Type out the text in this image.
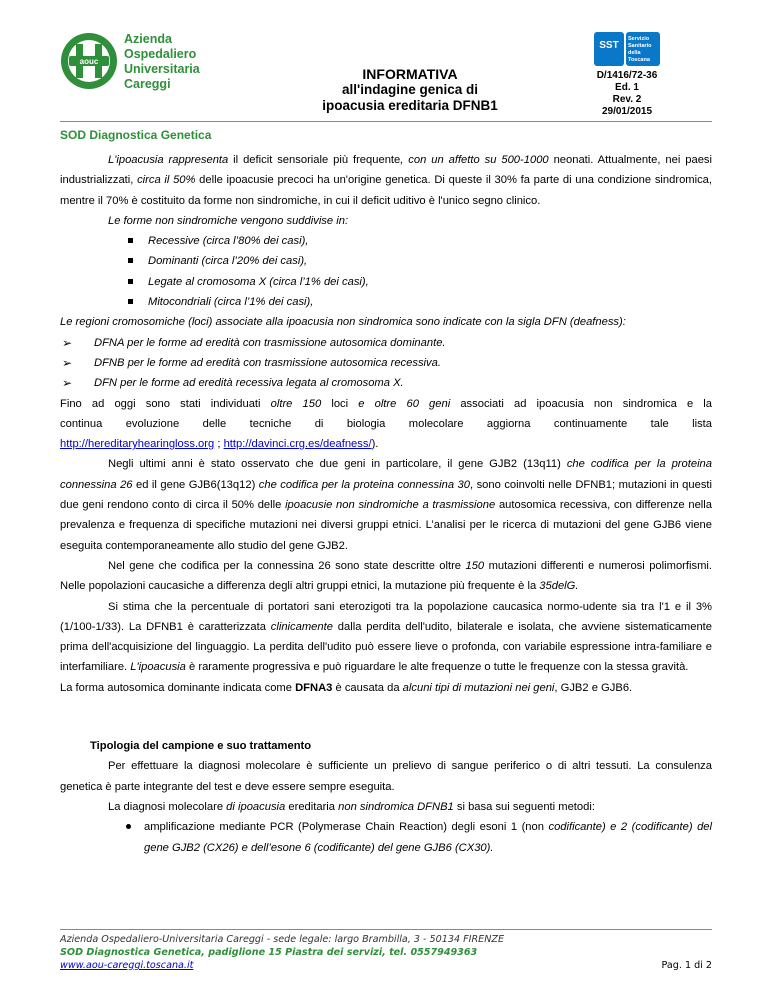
aouc
Azienda
Ospedaliero
Universitaria
Careggi
INFORMATIVA
all'indagine genica di
ipoacusia ereditaria DFNB1
SST
Servizio
Sanitario
della
Toscana
D/1416/72-36
Ed. 1
Rev. 2
29/01/2015
SOD Diagnostica Genetica

L'ipoacusia rappresenta il deficit sensoriale più frequente, con un affetto su 500-1000 neonati. Attualmente, nei paesi industrializzati, circa il 50% delle ipoacusie precoci ha un'origine genetica. Di queste il 30% fa parte di una condizione sindromica, mentre il 70% è costituito da forme non sindromiche, in cui il deficit uditivo è l'unico segno clinico.

Le forme non sindromiche vengono suddivise in:

Recessive (circa l’80% dei casi),

Dominanti (circa l’20% dei casi),

Legate al cromosoma X (circa l’1% dei casi),

Mitocondriali (circa l’1% dei casi),

Le regioni cromosomiche (loci) associate alla ipoacusia non sindromica sono indicate con la sigla DFN (deafness):

➢ DFNA per le forme ad eredità con trasmissione autosomica dominante.

➢ DFNB per le forme ad eredità con trasmissione autosomica recessiva.

➢ DFN per le forme ad eredità recessiva legata al cromosoma X.

Fino ad oggi sono stati individuati oltre 150 loci e oltre 60 geni associati ad ipoacusia non sindromica e la

continua evoluzione delle tecniche di biologia molecolare aggiorna continuamente tale lista

http://hereditaryhearingloss.org ; http://davinci.crg.es/deafness/).

Negli ultimi anni è stato osservato che due geni in particolare, il gene GJB2 (13q11) che codifica per la proteina connessina 26 ed il gene GJB6(13q12) che codifica per la proteina connessina 30, sono coinvolti nelle DFNB1; mutazioni in questi due geni rendono conto di circa il 50% delle ipoacusie non sindromiche a trasmissione autosomica recessiva, con differenze nella prevalenza e frequenza di specifiche mutazioni nei diversi gruppi etnici. L’analisi per le ricerca di mutazioni del gene GJB6 viene eseguita contemporaneamente allo studio del gene GJB2.

Nel gene che codifica per la connessina 26 sono state descritte oltre 150 mutazioni differenti e numerosi polimorfismi. Nelle popolazioni caucasiche a differenza degli altri gruppi etnici, la mutazione più frequente è la 35delG.

Si stima che la percentuale di portatori sani eterozigoti tra la popolazione caucasica normo-udente sia tra l'1 e il 3% (1/100-1/33). La DFNB1 è caratterizzata clinicamente dalla perdita dell'udito, bilaterale e isolata, che avviene sistematicamente prima dell'acquisizione del linguaggio. La perdita dell'udito può essere lieve o profonda, con variabile espressione intra-familiare e interfamiliare. L'ipoacusia è raramente progressiva e può riguardare le alte frequenze o tutte le frequenze con la stessa gravità.

La forma autosomica dominante indicata come DFNA3 è causata da alcuni tipi di mutazioni nei geni, GJB2 e GJB6.

Tipologia del campione e suo trattamento

Per effettuare la diagnosi molecolare è sufficiente un prelievo di sangue periferico o di altri tessuti. La consulenza genetica è parte integrante del test e deve essere sempre eseguita.

La diagnosi molecolare di ipoacusia ereditaria non sindromica DFNB1 si basa sui seguenti metodi:

amplificazione mediante PCR (Polymerase Chain Reaction) degli esoni 1 (non codificante) e 2 (codificante) del gene GJB2 (CX26) e dell’esone 6 (codificante) del gene GJB6 (CX30).

Azienda Ospedaliero-Universitaria Careggi - sede legale: largo Brambilla, 3 - 50134 FIRENZE
SOD Diagnostica Genetica, padiglione 15 Piastra dei servizi, tel. 0557949363
www.aou-careggi.toscana.it	Pag. 1 di 2
